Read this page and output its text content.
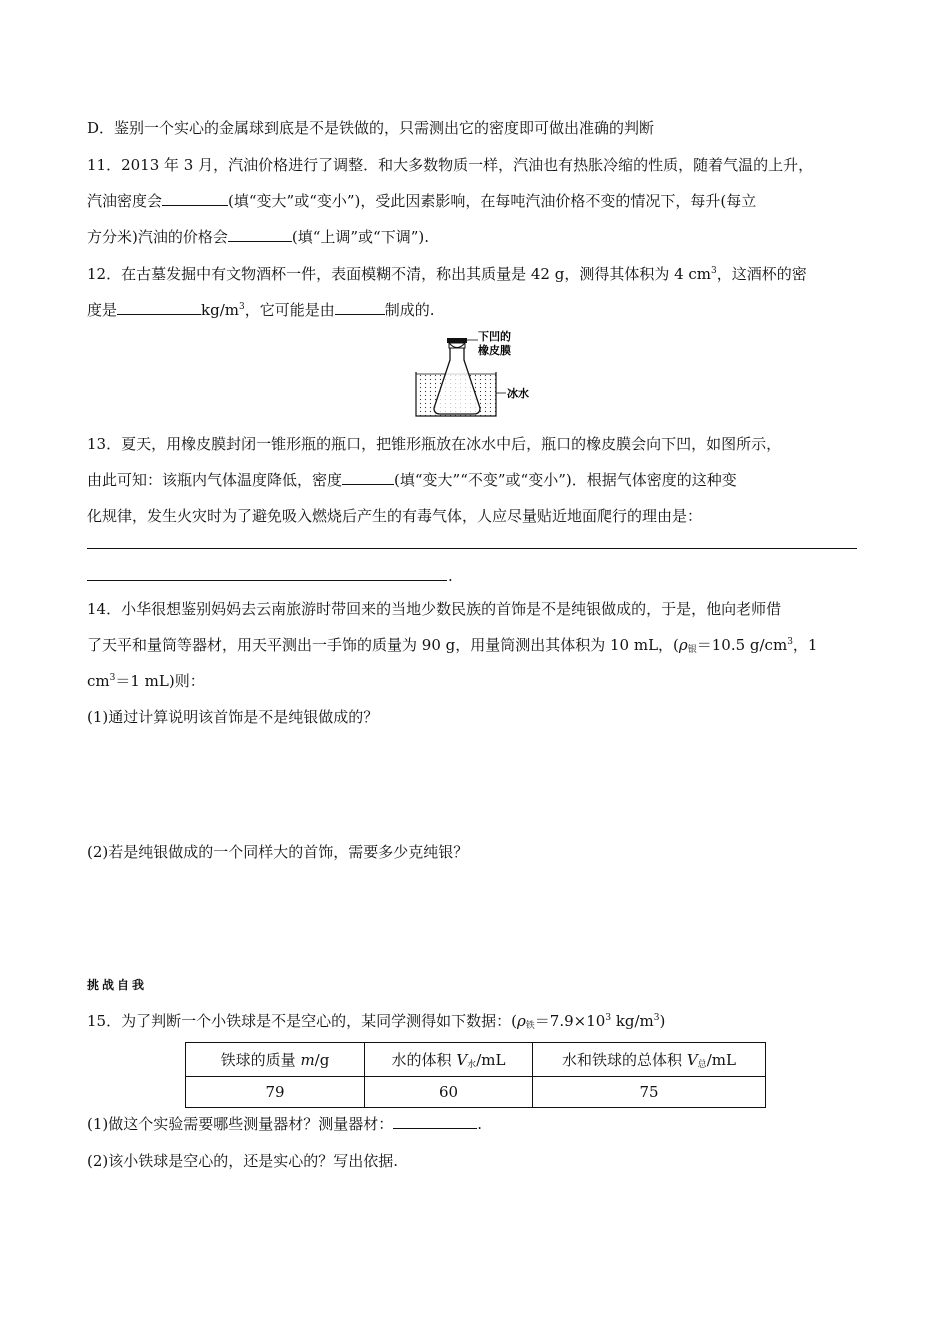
D．鉴别一个实心的金属球到底是不是铁做的，只需测出它的密度即可做出准确的判断
11．2013 年 3 月，汽油价格进行了调整．和大多数物质一样，汽油也有热胀冷缩的性质，随着气温的上升，
汽油密度会	(填“变大”或“变小”)，受此因素影响，在每吨汽油价格不变的情况下，每升(每立
方分米)汽油的价格会	(填“上调”或“下调”).
12．在古墓发掘中有文物酒杯一件，表面模糊不清，称出其质量是 42 g，测得其体积为 4 $cm^3$，这酒杯的密
度是	$kg/m^3$，它可能是由	制成的.
下凹的
橡皮膜
冰水
13．夏天，用橡皮膜封闭一锥形瓶的瓶口，把锥形瓶放在冰水中后，瓶口的橡皮膜会向下凹，如图所示，
由此可知：该瓶内气体温度降低，密度	(填“变大”“不变”或“变小”)．根据气体密度的这种变
化规律，发生火灾时为了避免吸入燃烧后产生的有毒气体，人应尽量贴近地面爬行的理由是：
.
14．小华很想鉴别妈妈去云南旅游时带回来的当地少数民族的首饰是不是纯银做成的，于是，他向老师借
了天平和量筒等器材，用天平测出一手饰的质量为 90 g，用量筒测出其体积为 10 mL，($\rho_银=10.5$ $g/cm^3$，1
$cm^3=1$ mL)则：
(1)通过计算说明该首饰是不是纯银做成的？
(2)若是纯银做成的一个同样大的首饰，需要多少克纯银？
挑战自我
15．为了判断一个小铁球是不是空心的，某同学测得如下数据：($\rho_铁=7.9\times 10^3$ $kg/m^3$)
铁球的质量 m/g	水的体积 $V_水/mL$	水和铁球的总体积 $V_总/mL$
79	60	75
(1)做这个实验需要哪些测量器材？测量器材：	.
(2)该小铁球是空心的，还是实心的？写出依据.
